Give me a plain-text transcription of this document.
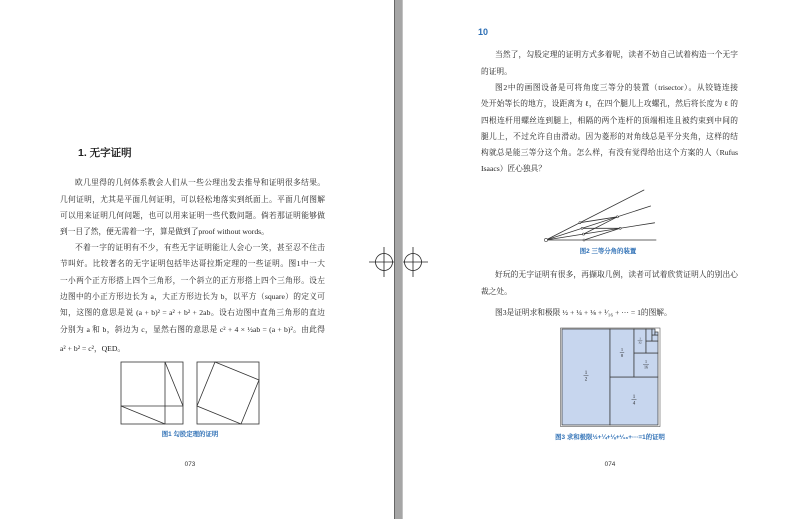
1. 无字证明
欧几里得的几何体系教会人们从一些公理出发去推导和证明很多结果。
几何证明，尤其是平面几何证明，可以轻松地落实到纸面上。平面几何图解
可以用来证明几何问题，也可以用来证明一些代数问题。倘若那证明能够做
到一目了然，便无需着一字，算是做到了proof without words。
不着一字的证明有不少，有些无字证明能让人会心一笑，甚至忍不住击
节叫好。比较著名的无字证明包括毕达哥拉斯定理的一些证明。图1中一大
一小两个正方形搭上四个三角形，一个斜立的正方形搭上四个三角形。设左
边图中的小正方形边长为 a，大正方形边长为 b，以平方（square）的定义可
知，这图的意思是说 (a + b)² = a² + b² + 2ab。设右边图中直角三角形的直边
分别为 a 和 b，斜边为 c，显然右图的意思是 c² + 4 × ½ab = (a + b)²。由此得
a² + b² = c²，QED。
图1 勾股定理的证明
073
10
当然了，勾股定理的证明方式多着呢，读者不妨自己试着构造一个无字
的证明。
图2中的画图设备是可将角度三等分的装置（trisector）。从铰链连接
处开始等长的地方，设距离为 ℓ，在四个腿儿上攻螺孔，然后将长度为 ℓ 的
四根连杆用螺丝连到腿上，相隔的两个连杆的顶端相连且被约束到中间的
腿儿上，不过允许自由滑动。因为菱形的对角线总是平分夹角，这样的结
构就总是能三等分这个角。怎么样，有没有觉得给出这个方案的人（Rufus
Isaacs）匠心独具？
图2 三等分角的装置
好玩的无字证明有很多，再撷取几例，读者可试着欣赏证明人的别出心
裁之处。
图3是证明求和极限 ½ + ¼ + ⅛ + ¹⁄₁₆ + ··· = 1的图解。
1
2
1
4
1
8
1
16
1
32
图3 求和极限½+¼+⅛+¹⁄₁₆+···=1的证明
074
